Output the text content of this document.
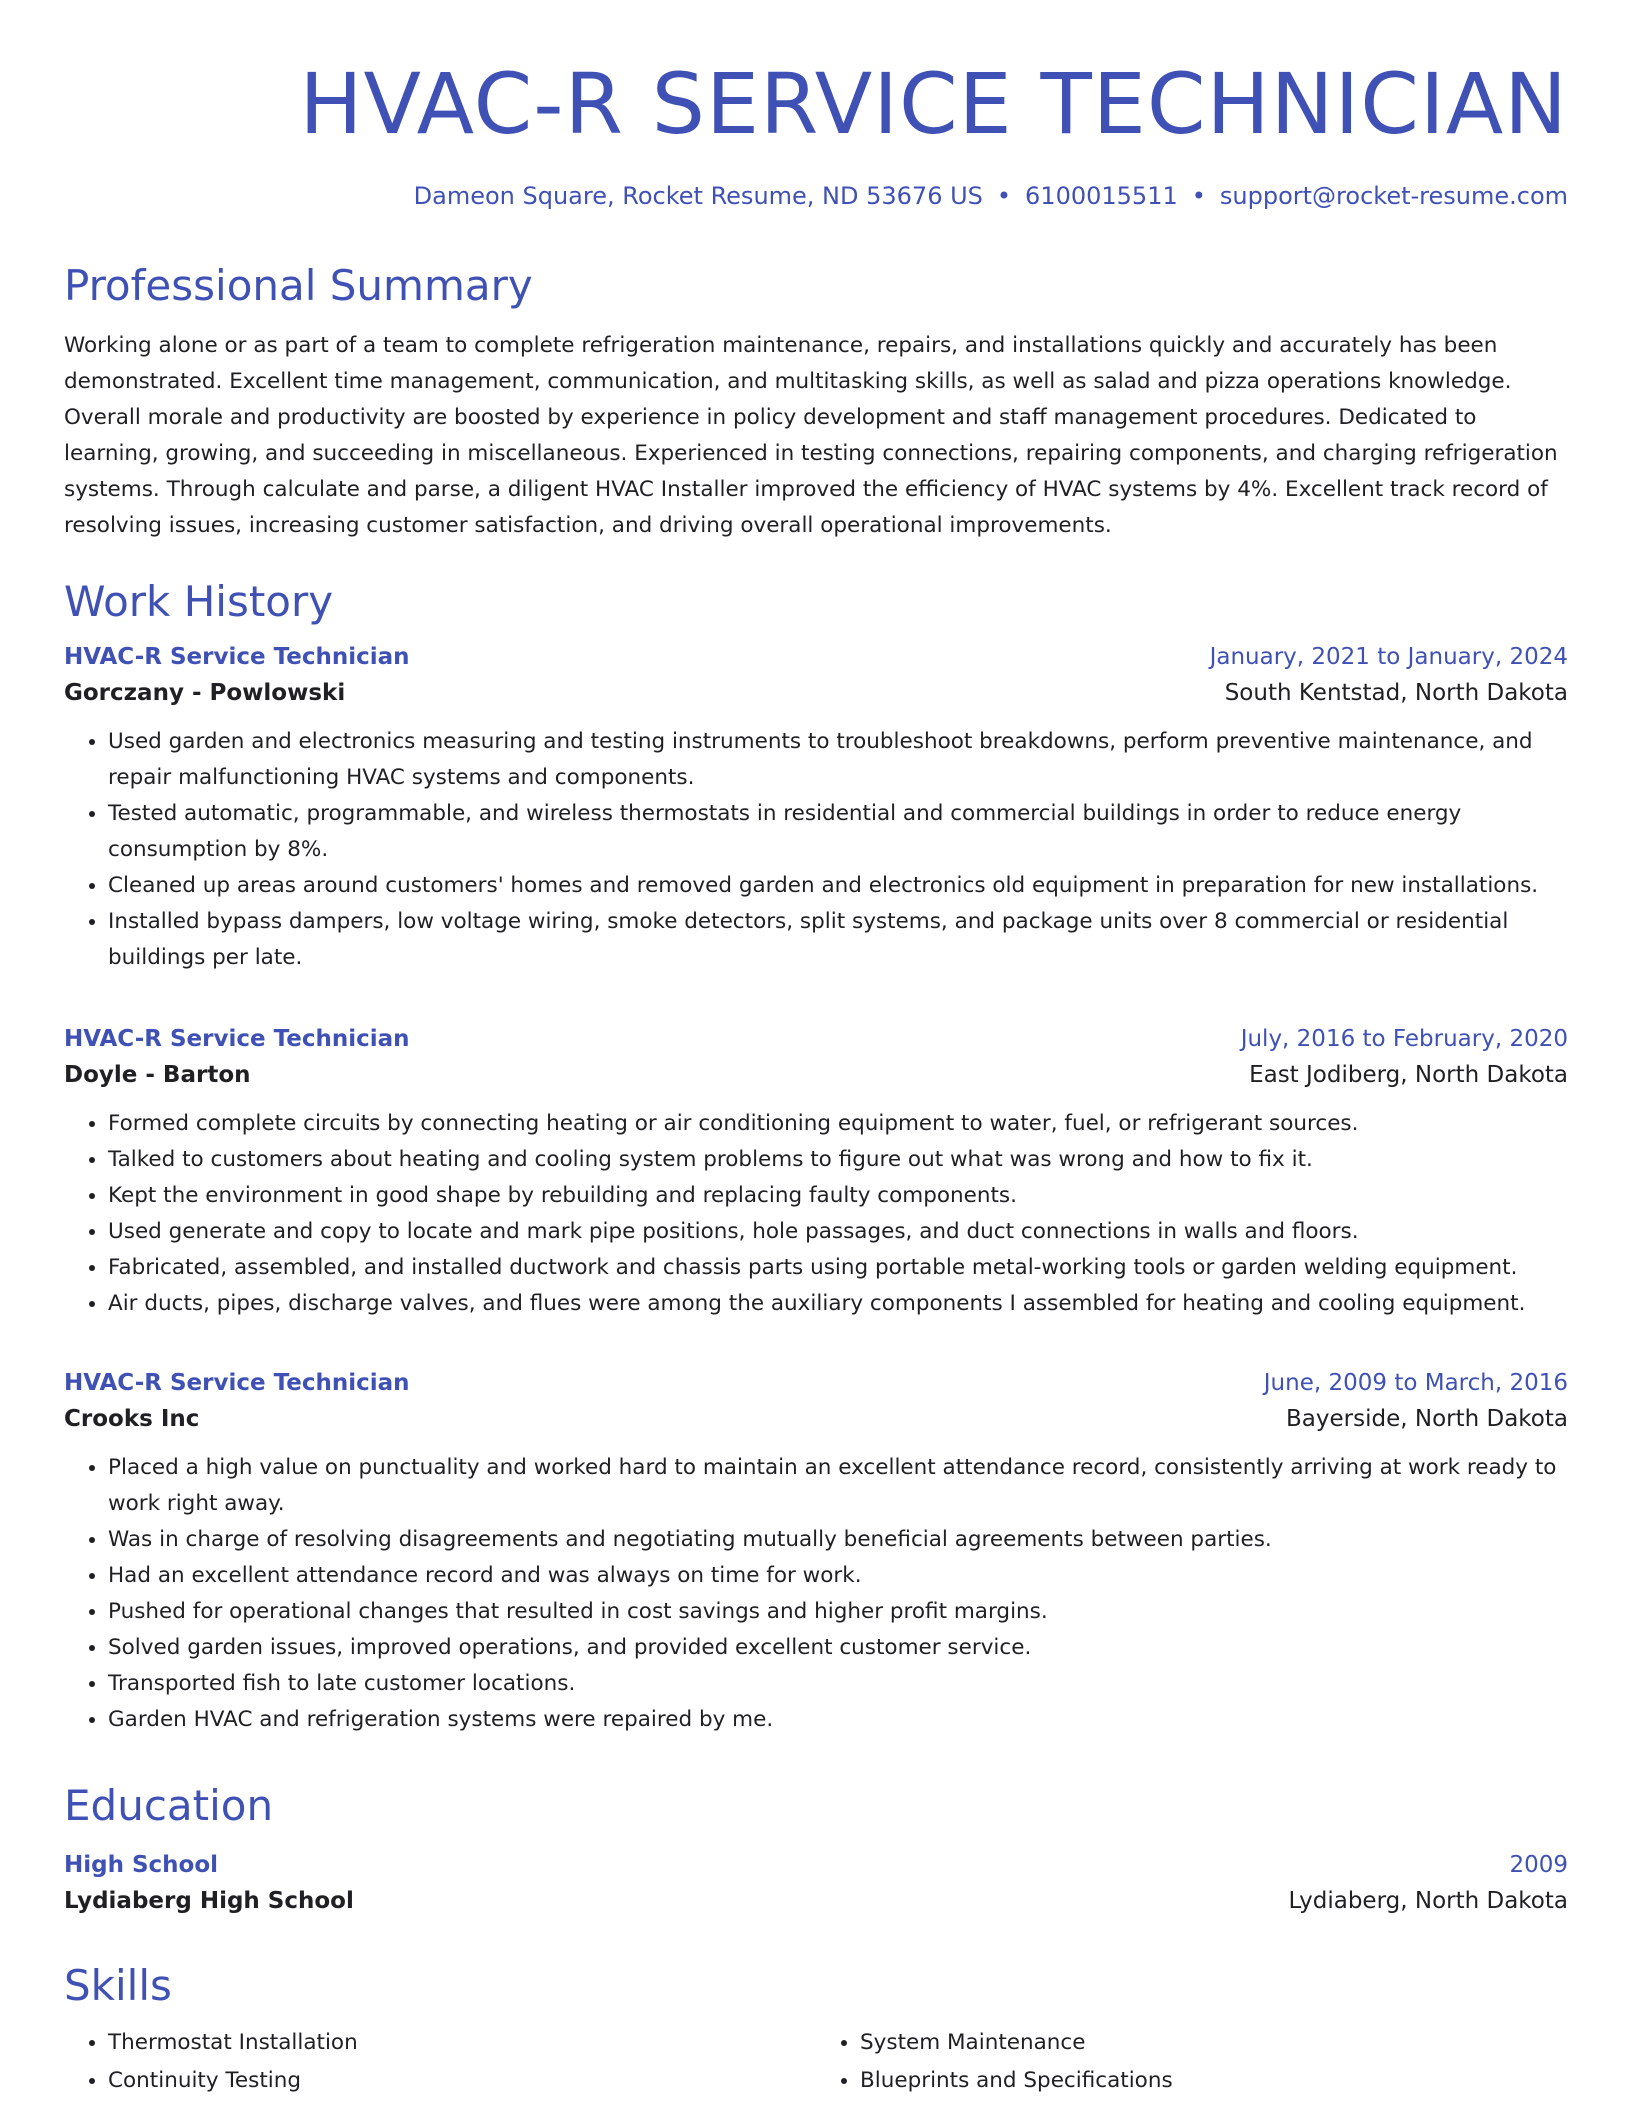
HVAC-R SERVICE TECHNICIAN
Dameon Square, Rocket Resume, ND 53676 US • 6100015511 • support@rocket-resume.com
Professional Summary

Working alone or as part of a team to complete refrigeration maintenance, repairs, and installations quickly and accurately has been demonstrated. Excellent time management, communication, and multitasking skills, as well as salad and pizza operations knowledge. Overall morale and productivity are boosted by experience in policy development and staff management procedures. Dedicated to learning, growing, and succeeding in miscellaneous. Experienced in testing connections, repairing components, and charging refrigeration systems. Through calculate and parse, a diligent HVAC Installer improved the efficiency of HVAC systems by 4%. Excellent track record of resolving issues, increasing customer satisfaction, and driving overall operational improvements.

Work History
HVAC-R Service Technician	January, 2021 to January, 2024
Gorczany - Powlowski	South Kentstad, North Dakota
• Used garden and electronics measuring and testing instruments to troubleshoot breakdowns, perform preventive maintenance, and repair malfunctioning HVAC systems and components.
• Tested automatic, programmable, and wireless thermostats in residential and commercial buildings in order to reduce energy consumption by 8%.
• Cleaned up areas around customers' homes and removed garden and electronics old equipment in preparation for new installations.
• Installed bypass dampers, low voltage wiring, smoke detectors, split systems, and package units over 8 commercial or residential buildings per late.
HVAC-R Service Technician	July, 2016 to February, 2020
Doyle - Barton	East Jodiberg, North Dakota
• Formed complete circuits by connecting heating or air conditioning equipment to water, fuel, or refrigerant sources.
• Talked to customers about heating and cooling system problems to figure out what was wrong and how to fix it.
• Kept the environment in good shape by rebuilding and replacing faulty components.
• Used generate and copy to locate and mark pipe positions, hole passages, and duct connections in walls and floors.
• Fabricated, assembled, and installed ductwork and chassis parts using portable metal-working tools or garden welding equipment.
• Air ducts, pipes, discharge valves, and flues were among the auxiliary components I assembled for heating and cooling equipment.
HVAC-R Service Technician	June, 2009 to March, 2016
Crooks Inc	Bayerside, North Dakota
• Placed a high value on punctuality and worked hard to maintain an excellent attendance record, consistently arriving at work ready to work right away.
• Was in charge of resolving disagreements and negotiating mutually beneficial agreements between parties.
• Had an excellent attendance record and was always on time for work.
• Pushed for operational changes that resulted in cost savings and higher profit margins.
• Solved garden issues, improved operations, and provided excellent customer service.
• Transported fish to late customer locations.
• Garden HVAC and refrigeration systems were repaired by me.
Education
High School	2009
Lydiaberg High School	Lydiaberg, North Dakota
Skills
• Thermostat Installation
• Continuity Testing
• System Maintenance
• Blueprints and Specifications
